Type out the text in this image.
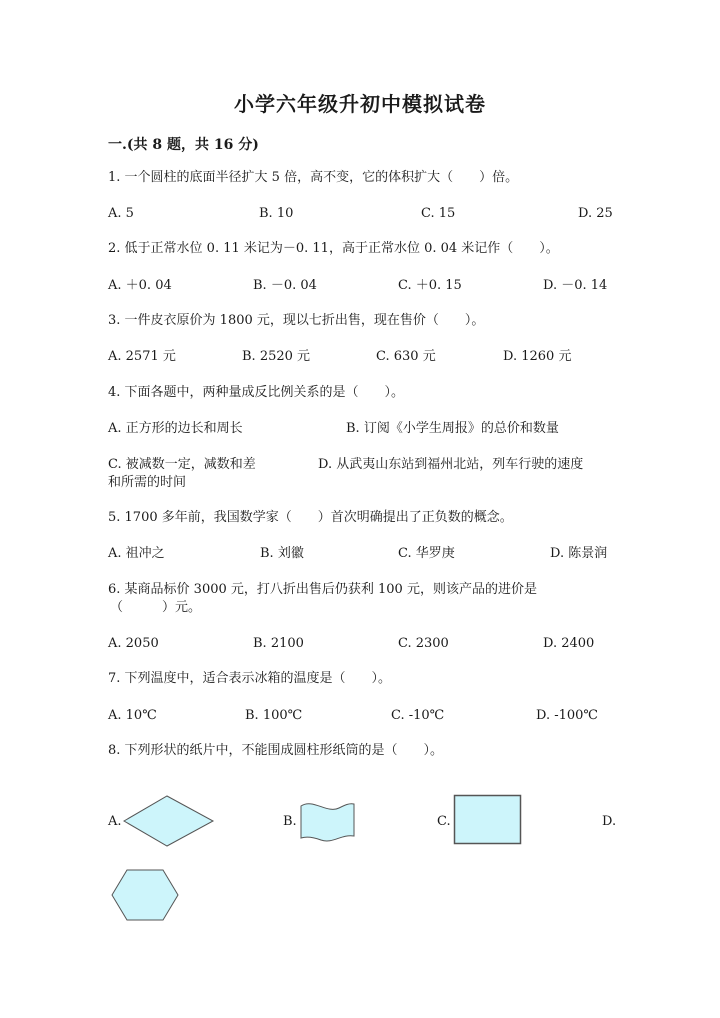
小学六年级升初中模拟试卷
一.(共 8 题，共 16 分)
1. 一个圆柱的底面半径扩大 5 倍，高不变，它的体积扩大（　　）倍。
A. 5	B. 10	C. 15	D. 25
2. 低于正常水位 0. 11 米记为－0. 11，高于正常水位 0. 04 米记作（　　）。
A. ＋0. 04	B. －0. 04	C. ＋0. 15	D. －0. 14
3. 一件皮衣原价为 1800 元，现以七折出售，现在售价（　　）。
A. 2571 元	B. 2520 元	C. 630 元	D. 1260 元
4. 下面各题中，两种量成反比例关系的是（　　）。
A. 正方形的边长和周长	B. 订阅《小学生周报》的总价和数量
C. 被减数一定，减数和差	D. 从武夷山东站到福州北站，列车行驶的速度
和所需的时间
5. 1700 多年前，我国数学家（　　）首次明确提出了正负数的概念。
A. 祖冲之	B. 刘徽	C. 华罗庚	D. 陈景润
6. 某商品标价 3000 元，打八折出售后仍获利 100 元，则该产品的进价是
（　　　）元。
A. 2050	B. 2100	C. 2300	D. 2400
7. 下列温度中，适合表示冰箱的温度是（　　）。
A. 10℃	B. 100℃	C. -10℃	D. -100℃
8. 下列形状的纸片中，不能围成圆柱形纸筒的是（　　）。
A.	B.	C.	D.
